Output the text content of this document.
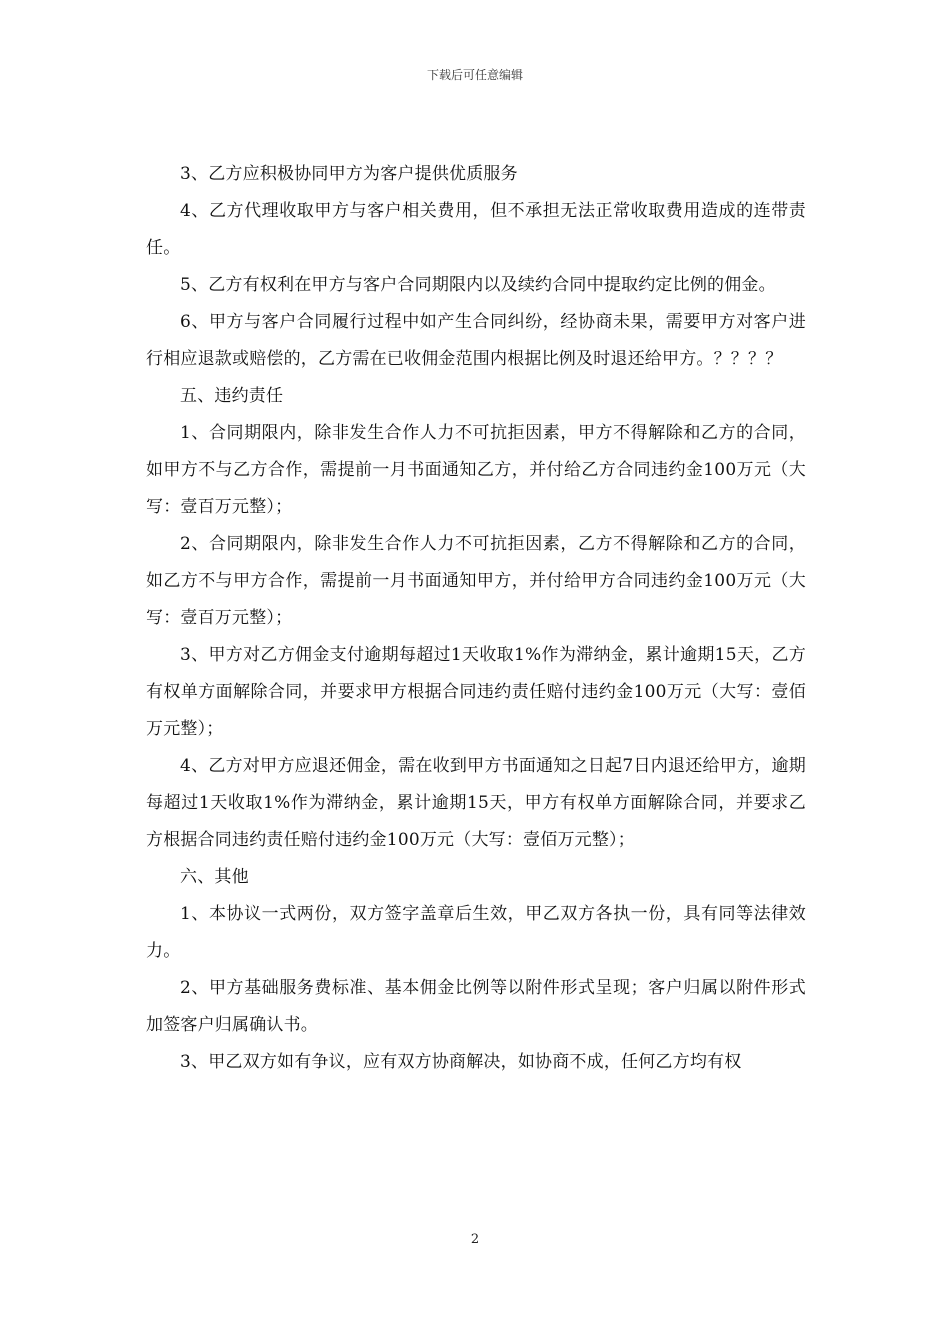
下载后可任意编辑

3、乙方应积极协同甲方为客户提供优质服务

4、乙方代理收取甲方与客户相关费用，但不承担无法正常收取费用造成的连带责任。

5、乙方有权利在甲方与客户合同期限内以及续约合同中提取约定比例的佣金。

6、甲方与客户合同履行过程中如产生合同纠纷，经协商未果，需要甲方对客户进行相应退款或赔偿的，乙方需在已收佣金范围内根据比例及时退还给甲方。？？？？

五、违约责任

1、合同期限内，除非发生合作人力不可抗拒因素，甲方不得解除和乙方的合同，如甲方不与乙方合作，需提前一月书面通知乙方，并付给乙方合同违约金100万元（大写：壹百万元整）；

2、合同期限内，除非发生合作人力不可抗拒因素，乙方不得解除和乙方的合同，如乙方不与甲方合作，需提前一月书面通知甲方，并付给甲方合同违约金100万元（大写：壹百万元整）；

3、甲方对乙方佣金支付逾期每超过1天收取1%作为滞纳金，累计逾期15天，乙方有权单方面解除合同，并要求甲方根据合同违约责任赔付违约金100万元（大写：壹佰万元整）；

4、乙方对甲方应退还佣金，需在收到甲方书面通知之日起7日内退还给甲方，逾期每超过1天收取1%作为滞纳金，累计逾期15天，甲方有权单方面解除合同，并要求乙方根据合同违约责任赔付违约金100万元（大写：壹佰万元整）；

六、其他

1、本协议一式两份，双方签字盖章后生效，甲乙双方各执一份，具有同等法律效力。

2、甲方基础服务费标准、基本佣金比例等以附件形式呈现；客户归属以附件形式加签客户归属确认书。

3、甲乙双方如有争议，应有双方协商解决，如协商不成，任何乙方均有权

2
